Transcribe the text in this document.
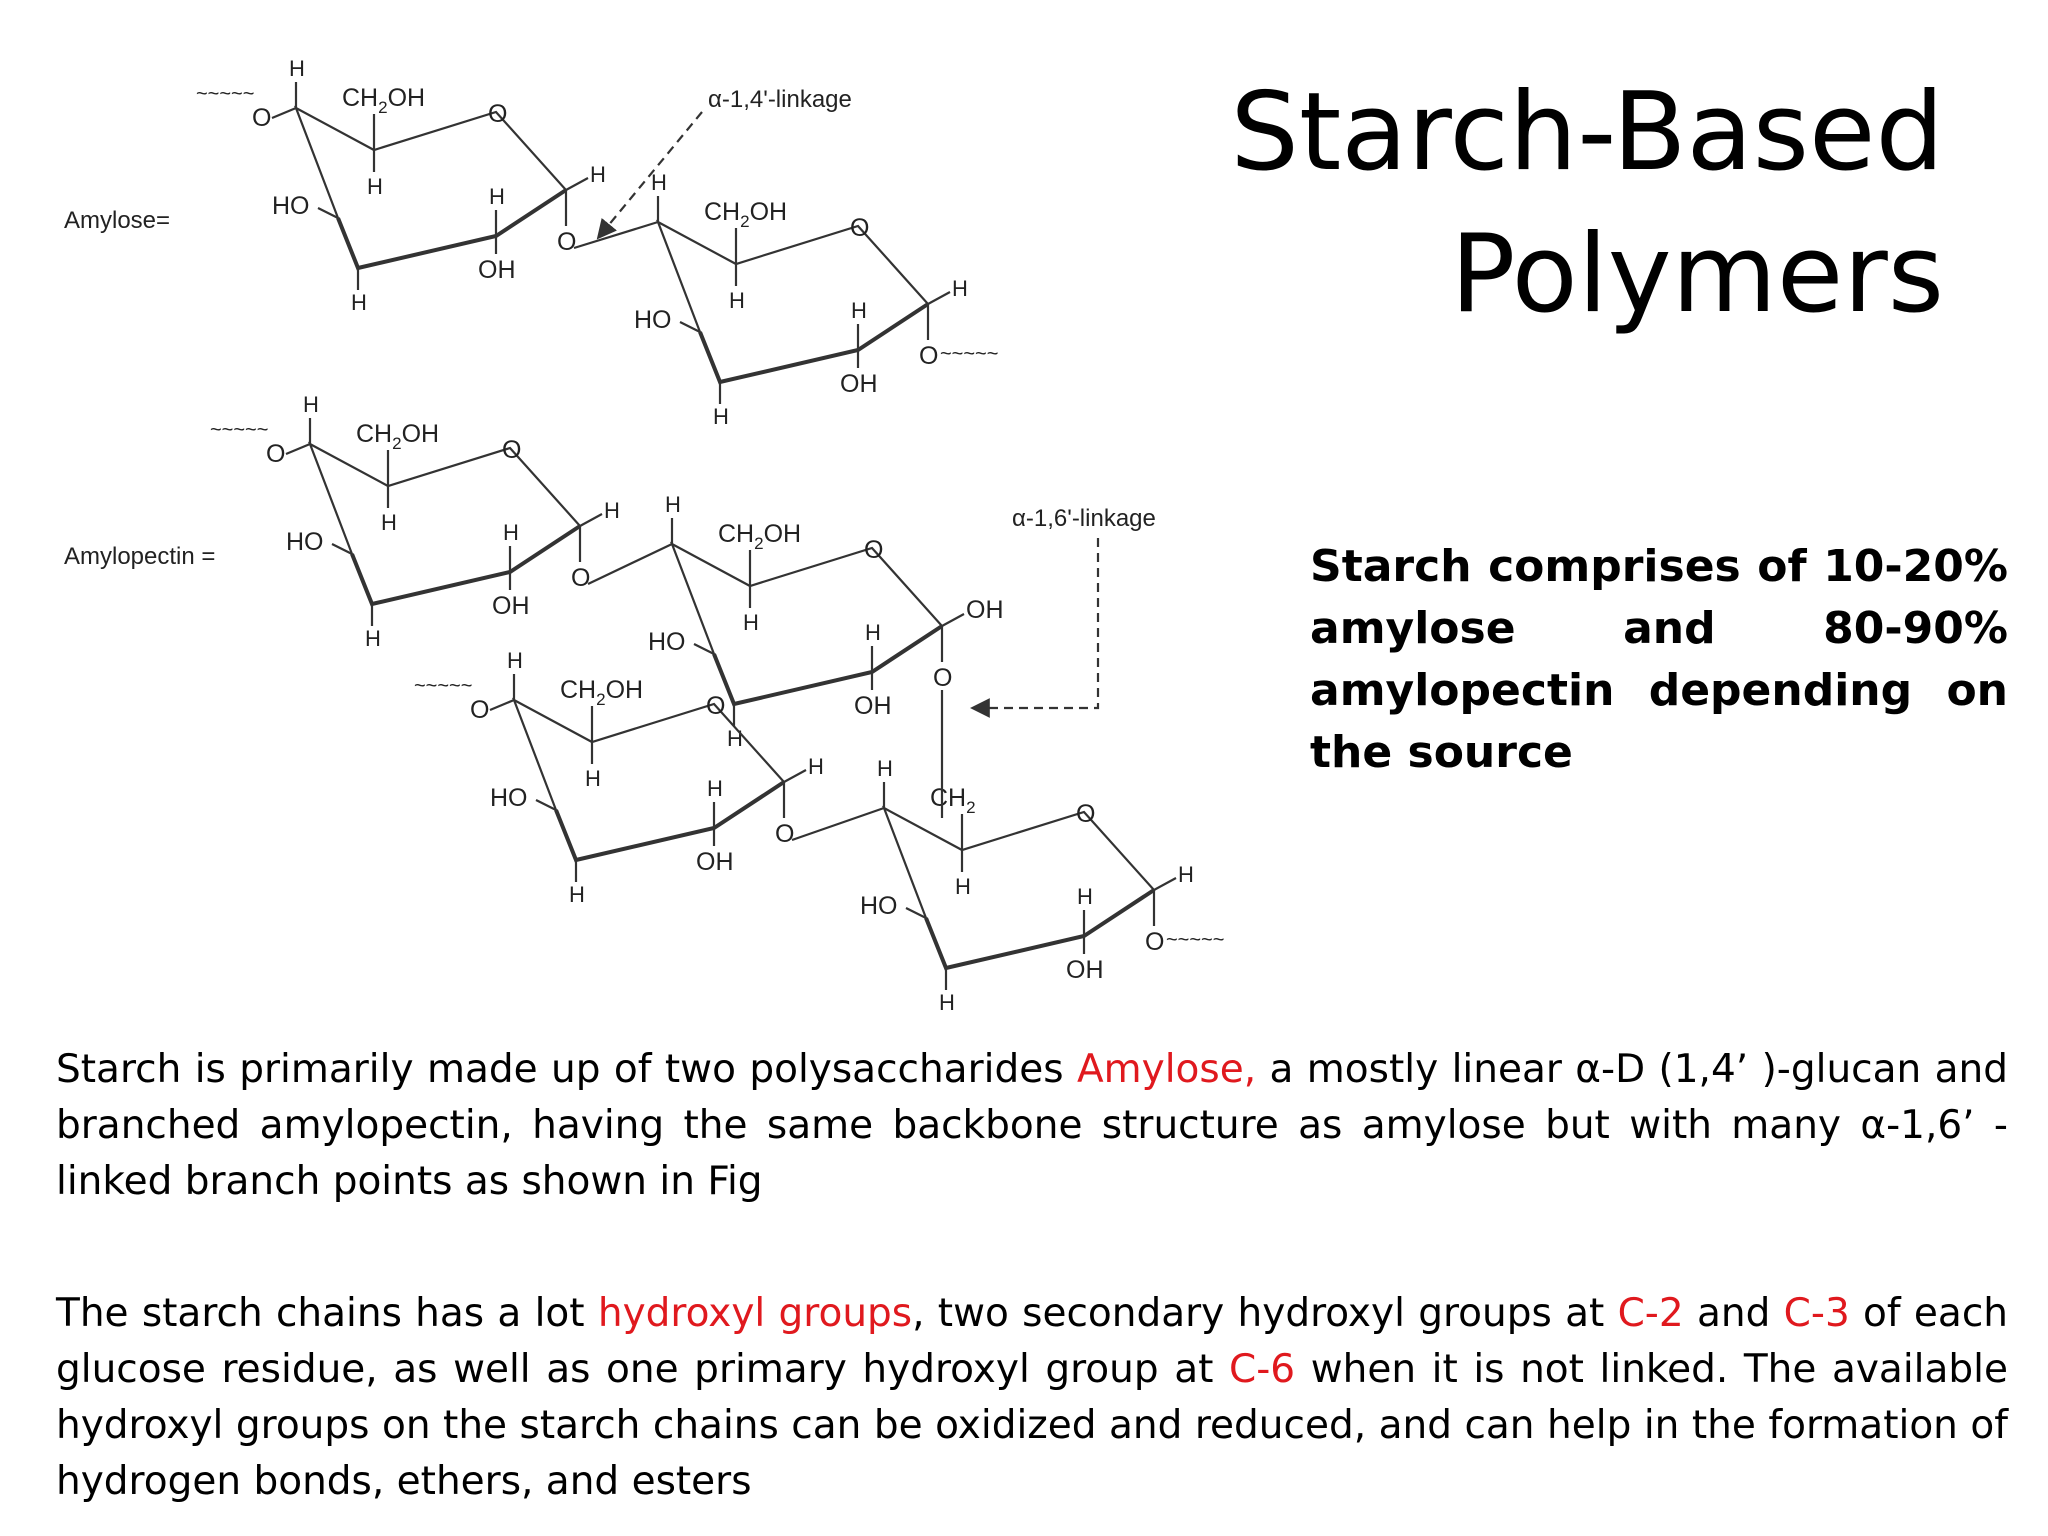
Amylose=
Amylopectin =
α-1,4'-linkage
α-1,6'-linkage
O
H
$CH_2OH$
H
HO
H
H
OH
H
O
O
~~~~~
O
H
$CH_2OH$
H
HO
H
H
OH
H
O ~~~~~
O
H
$CH_2OH$
H
HO
H
H
OH
H
O
O
~~~~~
O
H
$CH_2OH$
H
HO
H
H
OH
OH
O
O
H
$CH_2OH$
H
HO
H
H
OH
H
O
O
~~~~~
O
H
$CH_2$
H
HO
H
H
OH
H
O ~~~~~
Starch-Based
Polymers

Starch comprises of 10-20% amylose and 80-90% amylopectin depending on the source

Starch is primarily made up of two polysaccharides Amylose, a mostly linear α-D (1,4’ )-glucan and branched amylopectin, having the same backbone structure as amylose but with many α-1,6’ -linked branch points as shown in Fig

The starch chains has a lot hydroxyl groups, two secondary hydroxyl groups at C-2 and C-3 of each glucose residue, as well as one primary hydroxyl group at C-6 when it is not linked. The available hydroxyl groups on the starch chains can be oxidized and reduced, and can help in the formation of hydrogen bonds, ethers, and esters
